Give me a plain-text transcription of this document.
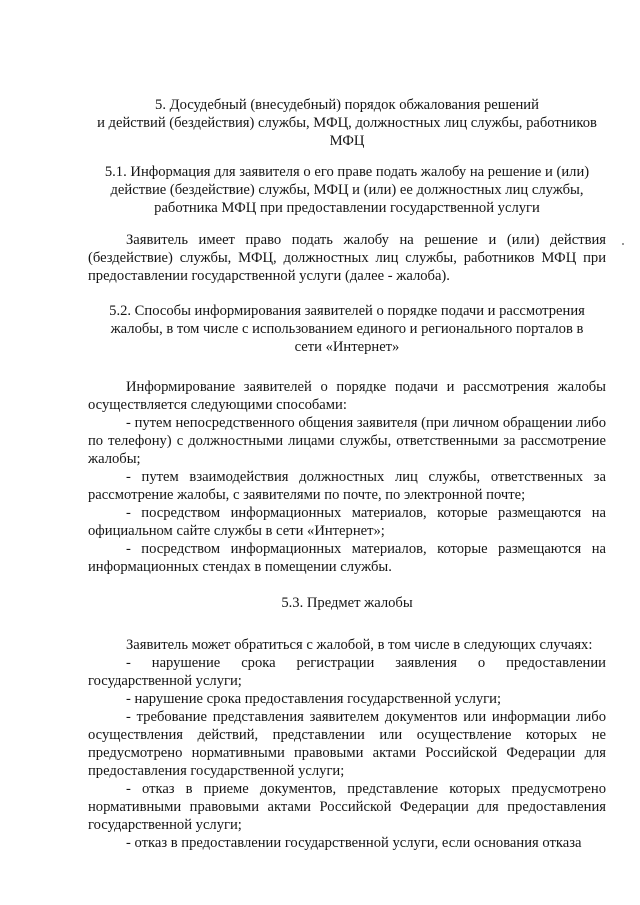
5. Досудебный (внесудебный) порядок обжалования решений
и действий (бездействия) службы, МФЦ, должностных лиц службы, работников
МФЦ
5.1. Информация для заявителя о его праве подать жалобу на решение и (или)
действие (бездействие) службы, МФЦ и (или) ее должностных лиц службы,
работника МФЦ при предоставлении государственной услуги

Заявитель имеет право подать жалобу на решение и (или) действия (бездействие) службы, МФЦ, должностных лиц службы, работников МФЦ при предоставлении государственной услуги (далее - жалоба).

5.2. Способы информирования заявителей о порядке подачи и рассмотрения
жалобы, в том числе с использованием единого и регионального порталов в
сети «Интернет»

Информирование заявителей о порядке подачи и рассмотрения жалобы осуществляется следующими способами:

- путем непосредственного общения заявителя (при личном обращении либо по телефону) с должностными лицами службы, ответственными за рассмотрение жалобы;

- путем взаимодействия должностных лиц службы, ответственных за рассмотрение жалобы, с заявителями по почте, по электронной почте;

- посредством информационных материалов, которые размещаются на официальном сайте службы в сети «Интернет»;

- посредством информационных материалов, которые размещаются на информационных стендах в помещении службы.

5.3. Предмет жалобы

Заявитель может обратиться с жалобой, в том числе в следующих случаях:

- нарушение срока регистрации заявления о предоставлении государственной услуги;

- нарушение срока предоставления государственной услуги;

- требование представления заявителем документов или информации либо осуществления действий, представлении или осуществление которых не предусмотрено нормативными правовыми актами Российской Федерации для предоставления государственной услуги;

- отказ в приеме документов, представление которых предусмотрено нормативными правовыми актами Российской Федерации для предоставления государственной услуги;

- отказ в предоставлении государственной услуги, если основания отказа
